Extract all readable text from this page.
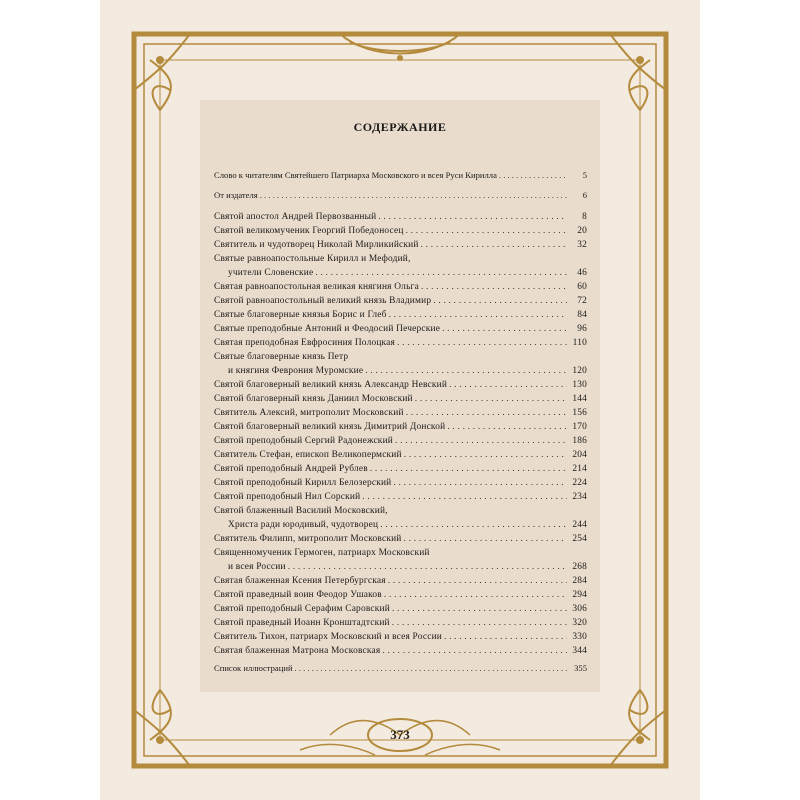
СОДЕРЖАНИЕ
Слово к читателям Святейшего Патриарха Московского и всея Руси Кирилла . . .	5
От издателя . . .	6
Святой апостол Андрей Первозванный . . .	8
Святой великомученик Георгий Победоносец . . .	20
Святитель и чудотворец Николай Мирликийский . . .	32
Святые равноапостольные Кирилл и Мефодий,
учители Словенские . . .	46
Святая равноапостольная великая княгиня Ольга . . .	60
Святой равноапостольный великий князь Владимир . . .	72
Святые благоверные князья Борис и Глеб . . .	84
Святые преподобные Антоний и Феодосий Печерские . . .	96
Святая преподобная Евфросиния Полоцкая . . .	110
Святые благоверные князь Петр
и княгиня Феврония Муромские . . .	120
Святой благоверный великий князь Александр Невский . . .	130
Святой благоверный князь Даниил Московский . . .	144
Святитель Алексий, митрополит Московский . . .	156
Святой благоверный великий князь Димитрий Донской . . .	170
Святой преподобный Сергий Радонежский . . .	186
Святитель Стефан, епископ Великопермский . . .	204
Святой преподобный Андрей Рублев . . .	214
Святой преподобный Кирилл Белозерский . . .	224
Святой преподобный Нил Сорский . . .	234
Святой блаженный Василий Московский,
Христа ради юродивый, чудотворец . . .	244
Святитель Филипп, митрополит Московский . . .	254
Священномученик Гермоген, патриарх Московский
и всея России . . .	268
Святая блаженная Ксения Петербургская . . .	284
Святой праведный воин Феодор Ушаков . . .	294
Святой преподобный Серафим Саровский . . .	306
Святой праведный Иоанн Кронштадтский . . .	320
Святитель Тихон, патриарх Московский и всея России . . .	330
Святая блаженная Матрона Московская . . .	344
Список иллюстраций . . .	355
373
